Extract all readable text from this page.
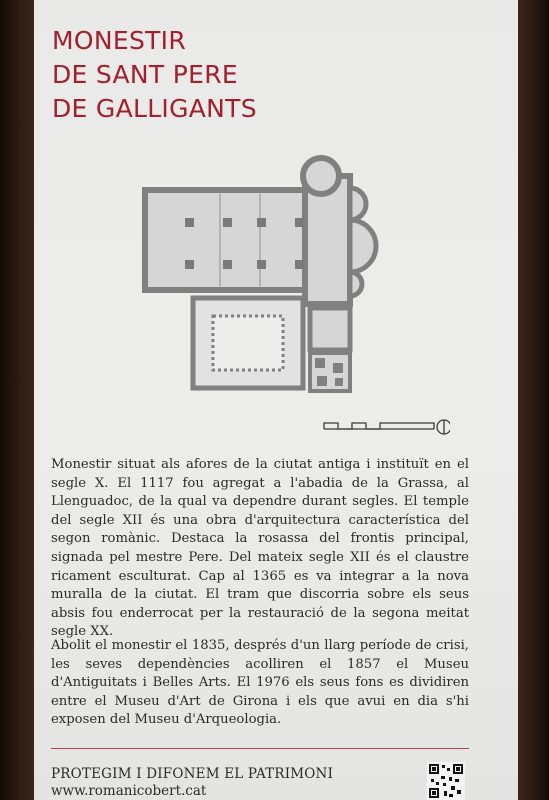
MONESTIR
DE SANT PERE
DE GALLIGANTS

Monestir situat als afores de la ciutat antiga i instituït en el segle X. El 1117 fou agregat a l'abadia de la Grassa, al Llenguadoc, de la qual va dependre durant segles. El temple del segle XII és una obra d'arquitectura característica del segon romànic. Destaca la rosassa del frontis principal, signada pel mestre Pere. Del mateix segle XII és el claustre ricament esculturat. Cap al 1365 es va integrar a la nova muralla de la ciutat. El tram que discorria sobre els seus absis fou enderrocat per la restauració de la segona meitat segle XX.

Abolit el monestir el 1835, després d'un llarg període de crisi, les seves dependències acolliren el 1857 el Museu d'Antiguitats i Belles Arts. El 1976 els seus fons es dividiren entre el Museu d'Art de Girona i els que avui en dia s'hi exposen del Museu d'Arqueologia.

PROTEGIM I DIFONEM EL PATRIMONI

www.romanicobert.cat
